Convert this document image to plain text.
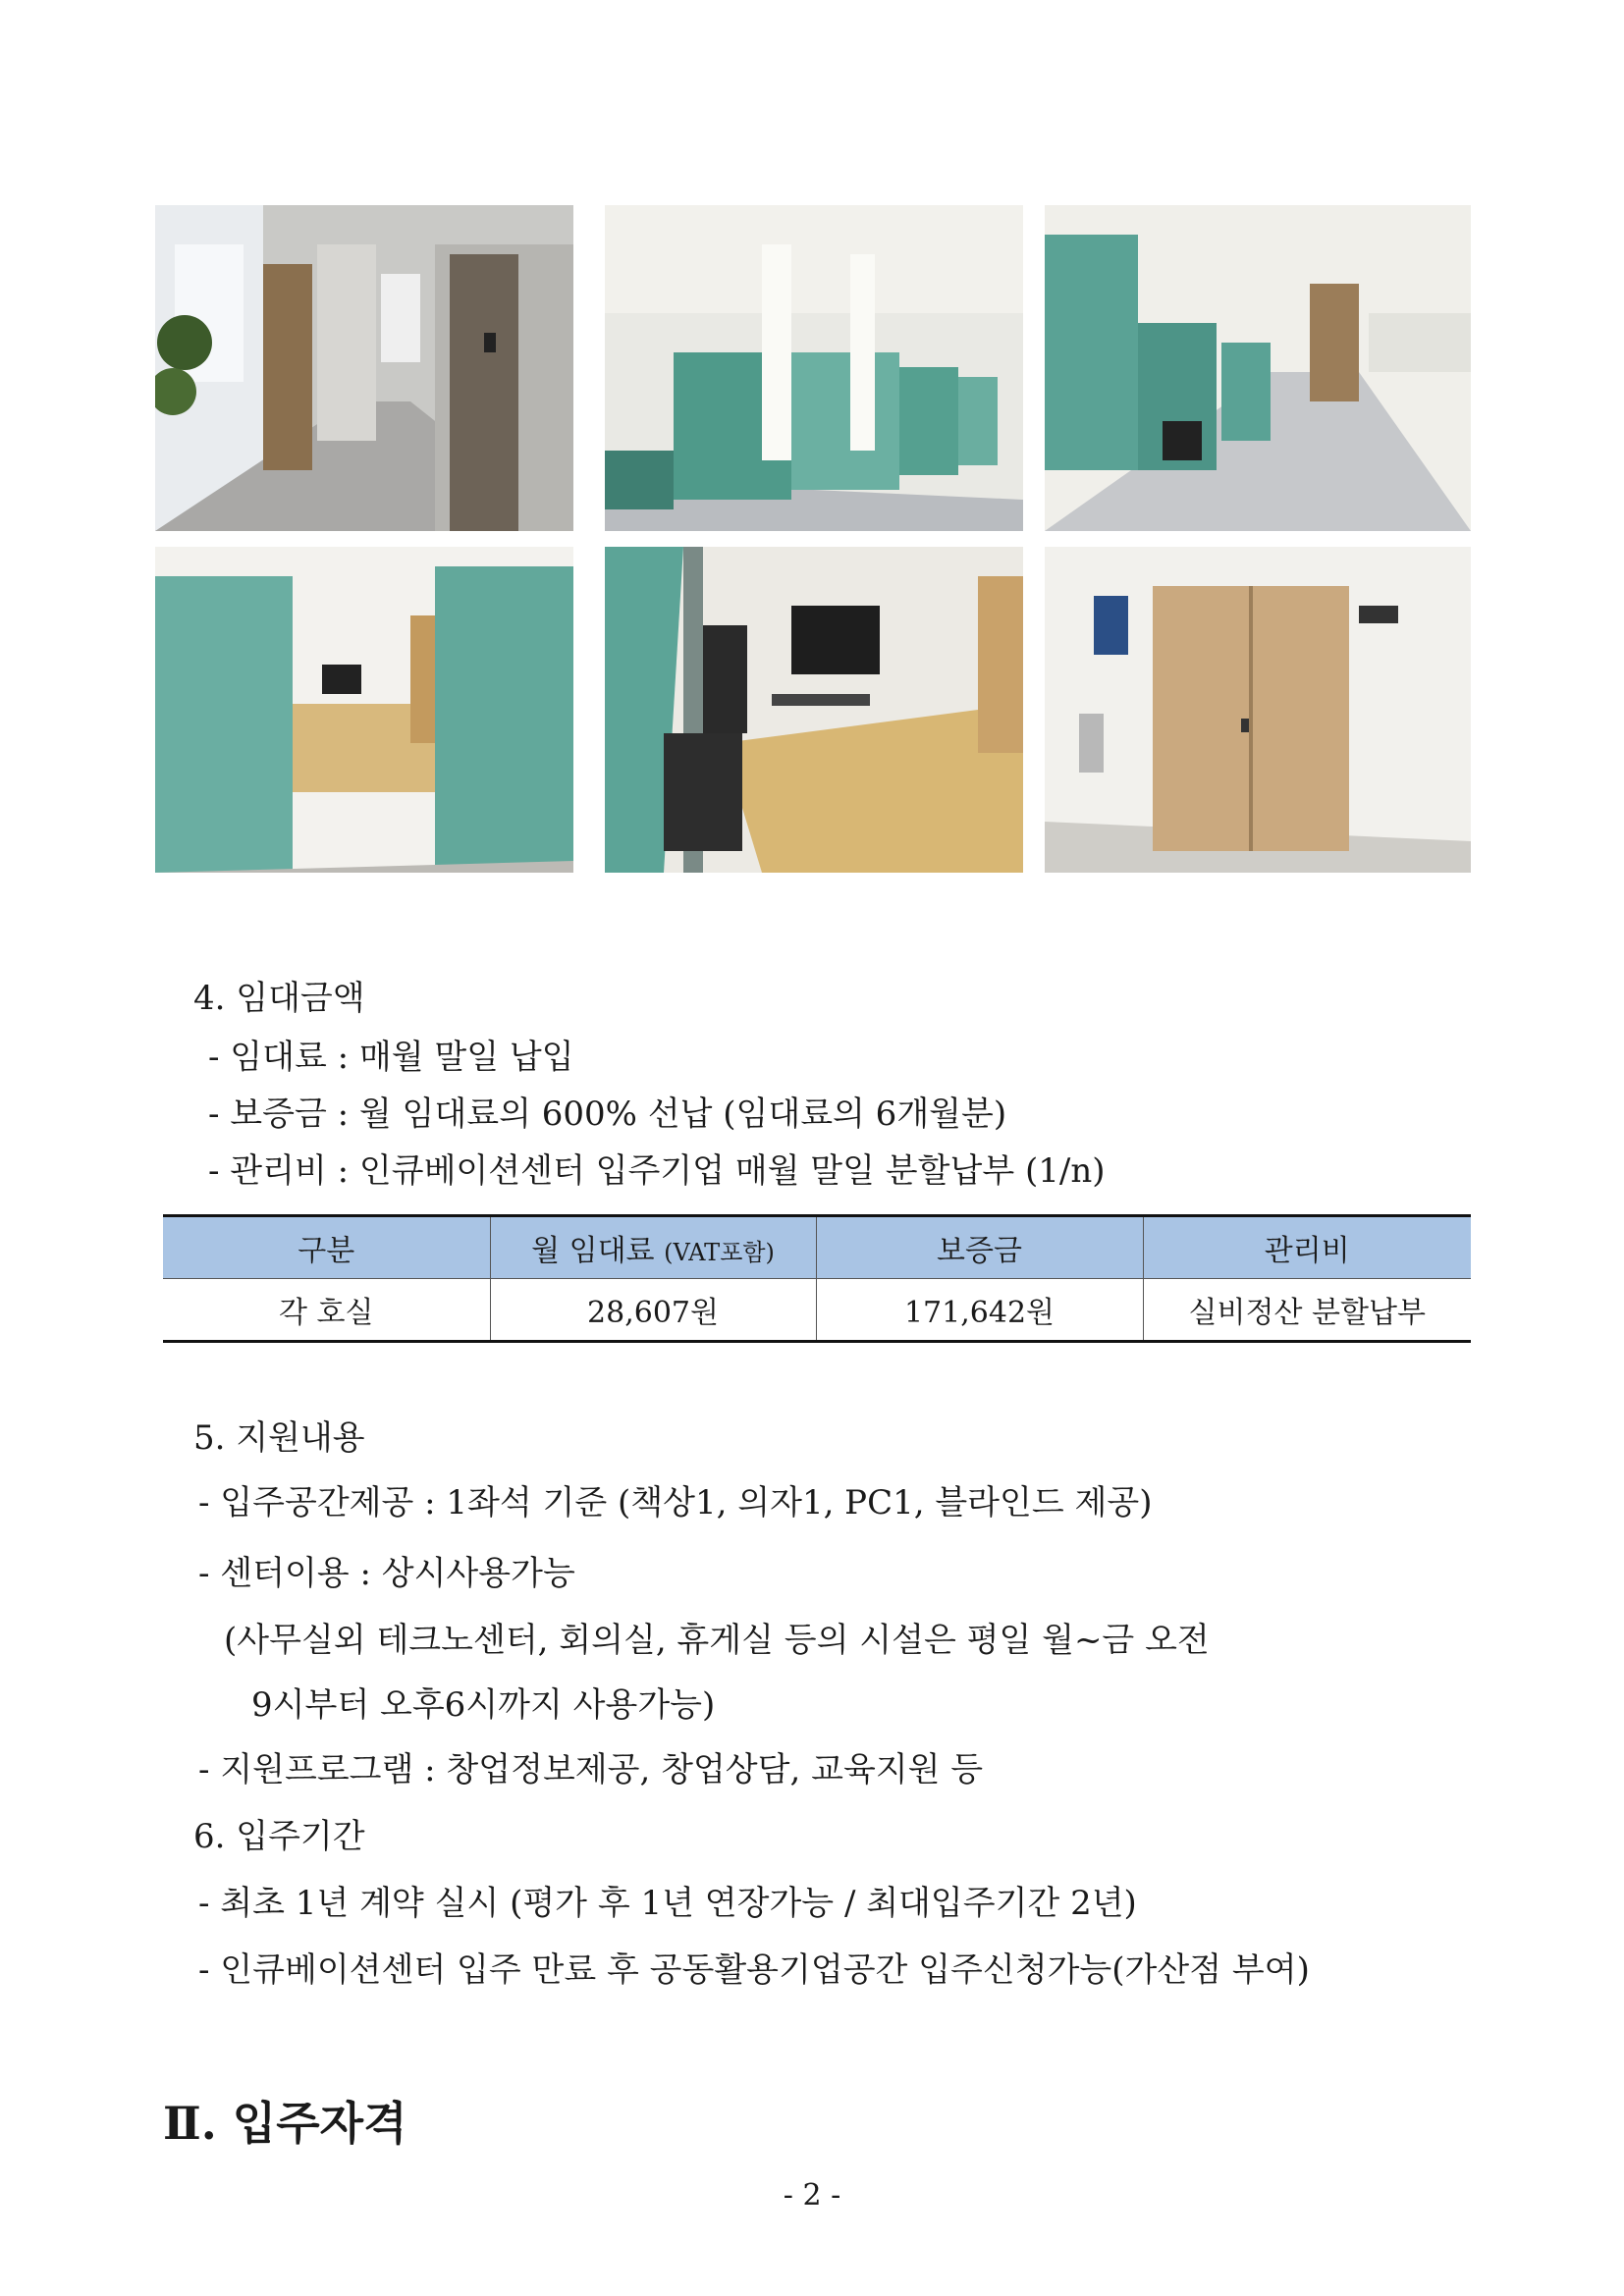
4. 임대금액
- 임대료 : 매월 말일 납입
- 보증금 : 월 임대료의 600% 선납 (임대료의 6개월분)
- 관리비 : 인큐베이션센터 입주기업 매월 말일 분할납부 (1/n)
구분	월 임대료 (VAT포함)	보증금	관리비
각 호실	28,607원	171,642원	실비정산 분할납부
5. 지원내용
- 입주공간제공 : 1좌석 기준 (책상1, 의자1, PC1, 블라인드 제공)
- 센터이용 : 상시사용가능
(사무실외 테크노센터, 회의실, 휴게실 등의 시설은 평일 월~금 오전
9시부터 오후6시까지 사용가능)
- 지원프로그램 : 창업정보제공, 창업상담, 교육지원 등
6. 입주기간
- 최초 1년 계약 실시 (평가 후 1년 연장가능 / 최대입주기간 2년)
- 인큐베이션센터 입주 만료 후 공동활용기업공간 입주신청가능(가산점 부여)
Ⅱ. 입주자격
- 2 -
